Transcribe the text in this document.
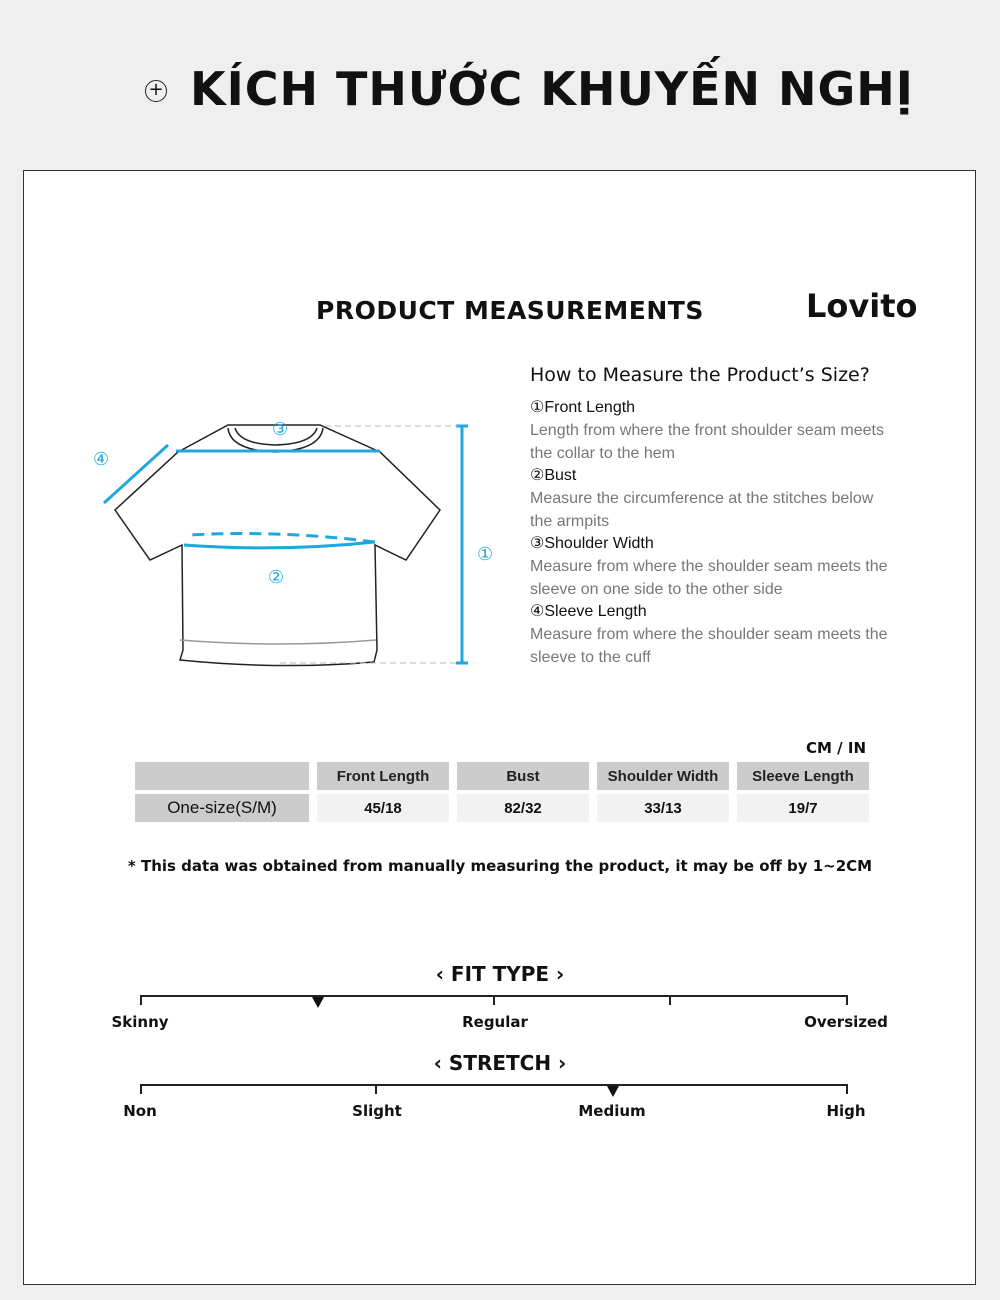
+ KÍCH THƯỚC KHUYẾN NGHỊ
PRODUCT MEASUREMENTS	Lovito
①
②
③
④
How to Measure the Product’s Size?
①Front Length
Length from where the front shoulder seam meets the collar to the hem
②Bust
Measure the circumference at the stitches below the armpits
③Shoulder Width
Measure from where the shoulder seam meets the sleeve on one side to the other side
④Sleeve Length
Measure from where the shoulder seam meets the sleeve to the cuff
CM / IN
	Front Length	Bust	Shoulder Width	Sleeve Length
One-size(S/M)	45/18	82/32	33/13	19/7
* This data was obtained from manually measuring the product, it may be off by 1~2CM
‹ FIT TYPE ›
Skinny	Regular	Oversized
‹ STRETCH ›
Non	Slight	Medium	High
